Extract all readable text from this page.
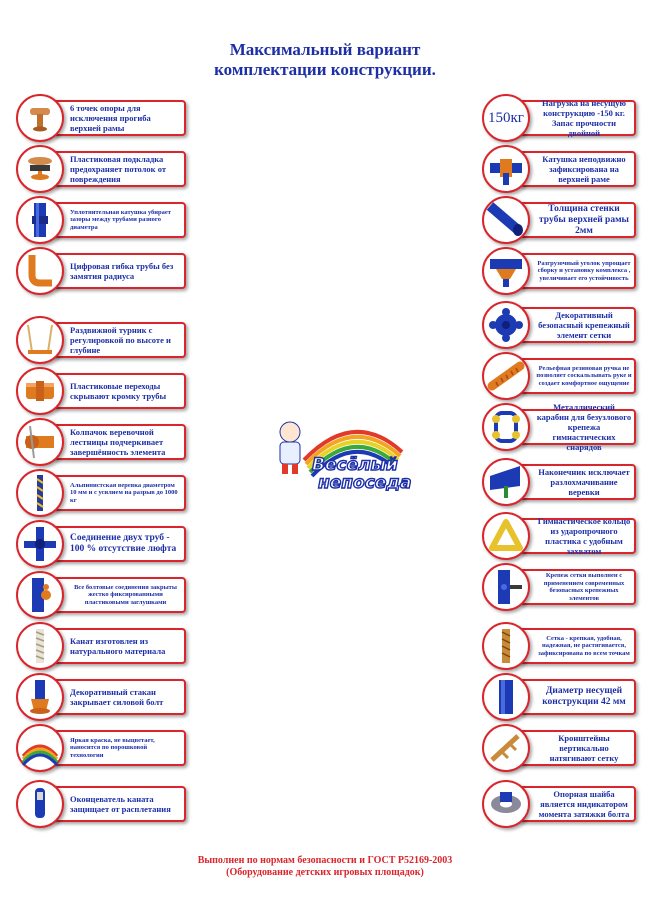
Максимальный вариант
комплектации конструкции.
6 точек опоры для исключения прогиба верхней рамы
Пластиковая подкладка предохраняет потолок от повреждения
Уплотнительная катушка убирает зазоры между трубами разного диаметра
Цифровая гибка трубы без замятия радиуса
Раздвижной турник с регулировкой по высоте и глубине
Пластиковые переходы скрывают кромку трубы
Колпачок веревочной лестницы подчеркивает завершённость элемента
Альпинистская веревка диаметром 10 мм и с усилием на разрыв до 1000 кг
Соединение двух труб - 100 % отсутствие люфта
Все болтовые соединения закрыты жестко фиксированными пластиковыми заглушками
Канат изготовлен из натурального материала
Декоративный стакан закрывает силовой болт
Яркая краска, не выцветает, наносится по порошковой технологии
Оконцеватель каната защищает от расплетания
Нагрузка на несущую конструкцию -150 кг. Запас прочности двойной
150кг
Катушка неподвижно зафиксирована на верхней раме
Толщина стенки трубы верхней рамы 2мм
Разгрузочный уголок упрощает сборку и установку комплекса , увеличивает его устойчивость
Декоративный безопасный крепежный элемент сетки
Рельефная резиновая ручка не позволяет соскальзывать руке и создает комфортное ощущение
Металлический карабин для безузлового крепежа гимнастических снарядов
Наконечник исключает разлохмачивание веревки
Гимнастическое кольцо из ударопрочного пластика с удобным захватом
Крепеж сетки выполнен с применением современных безопасных крепежных элементов
Сетка - крепкая, удобная, надежная, не растягивается, зафиксирована по всем точкам
Диаметр несущей конструкции 42 мм
Кронштейны вертикально натягивают сетку
Опорная шайба является индикатором момента затяжки болта
Весёлый
непоседа
Выполнен по нормам безопасности и ГОСТ Р52169-2003
(Оборудование детских игровых площадок)
